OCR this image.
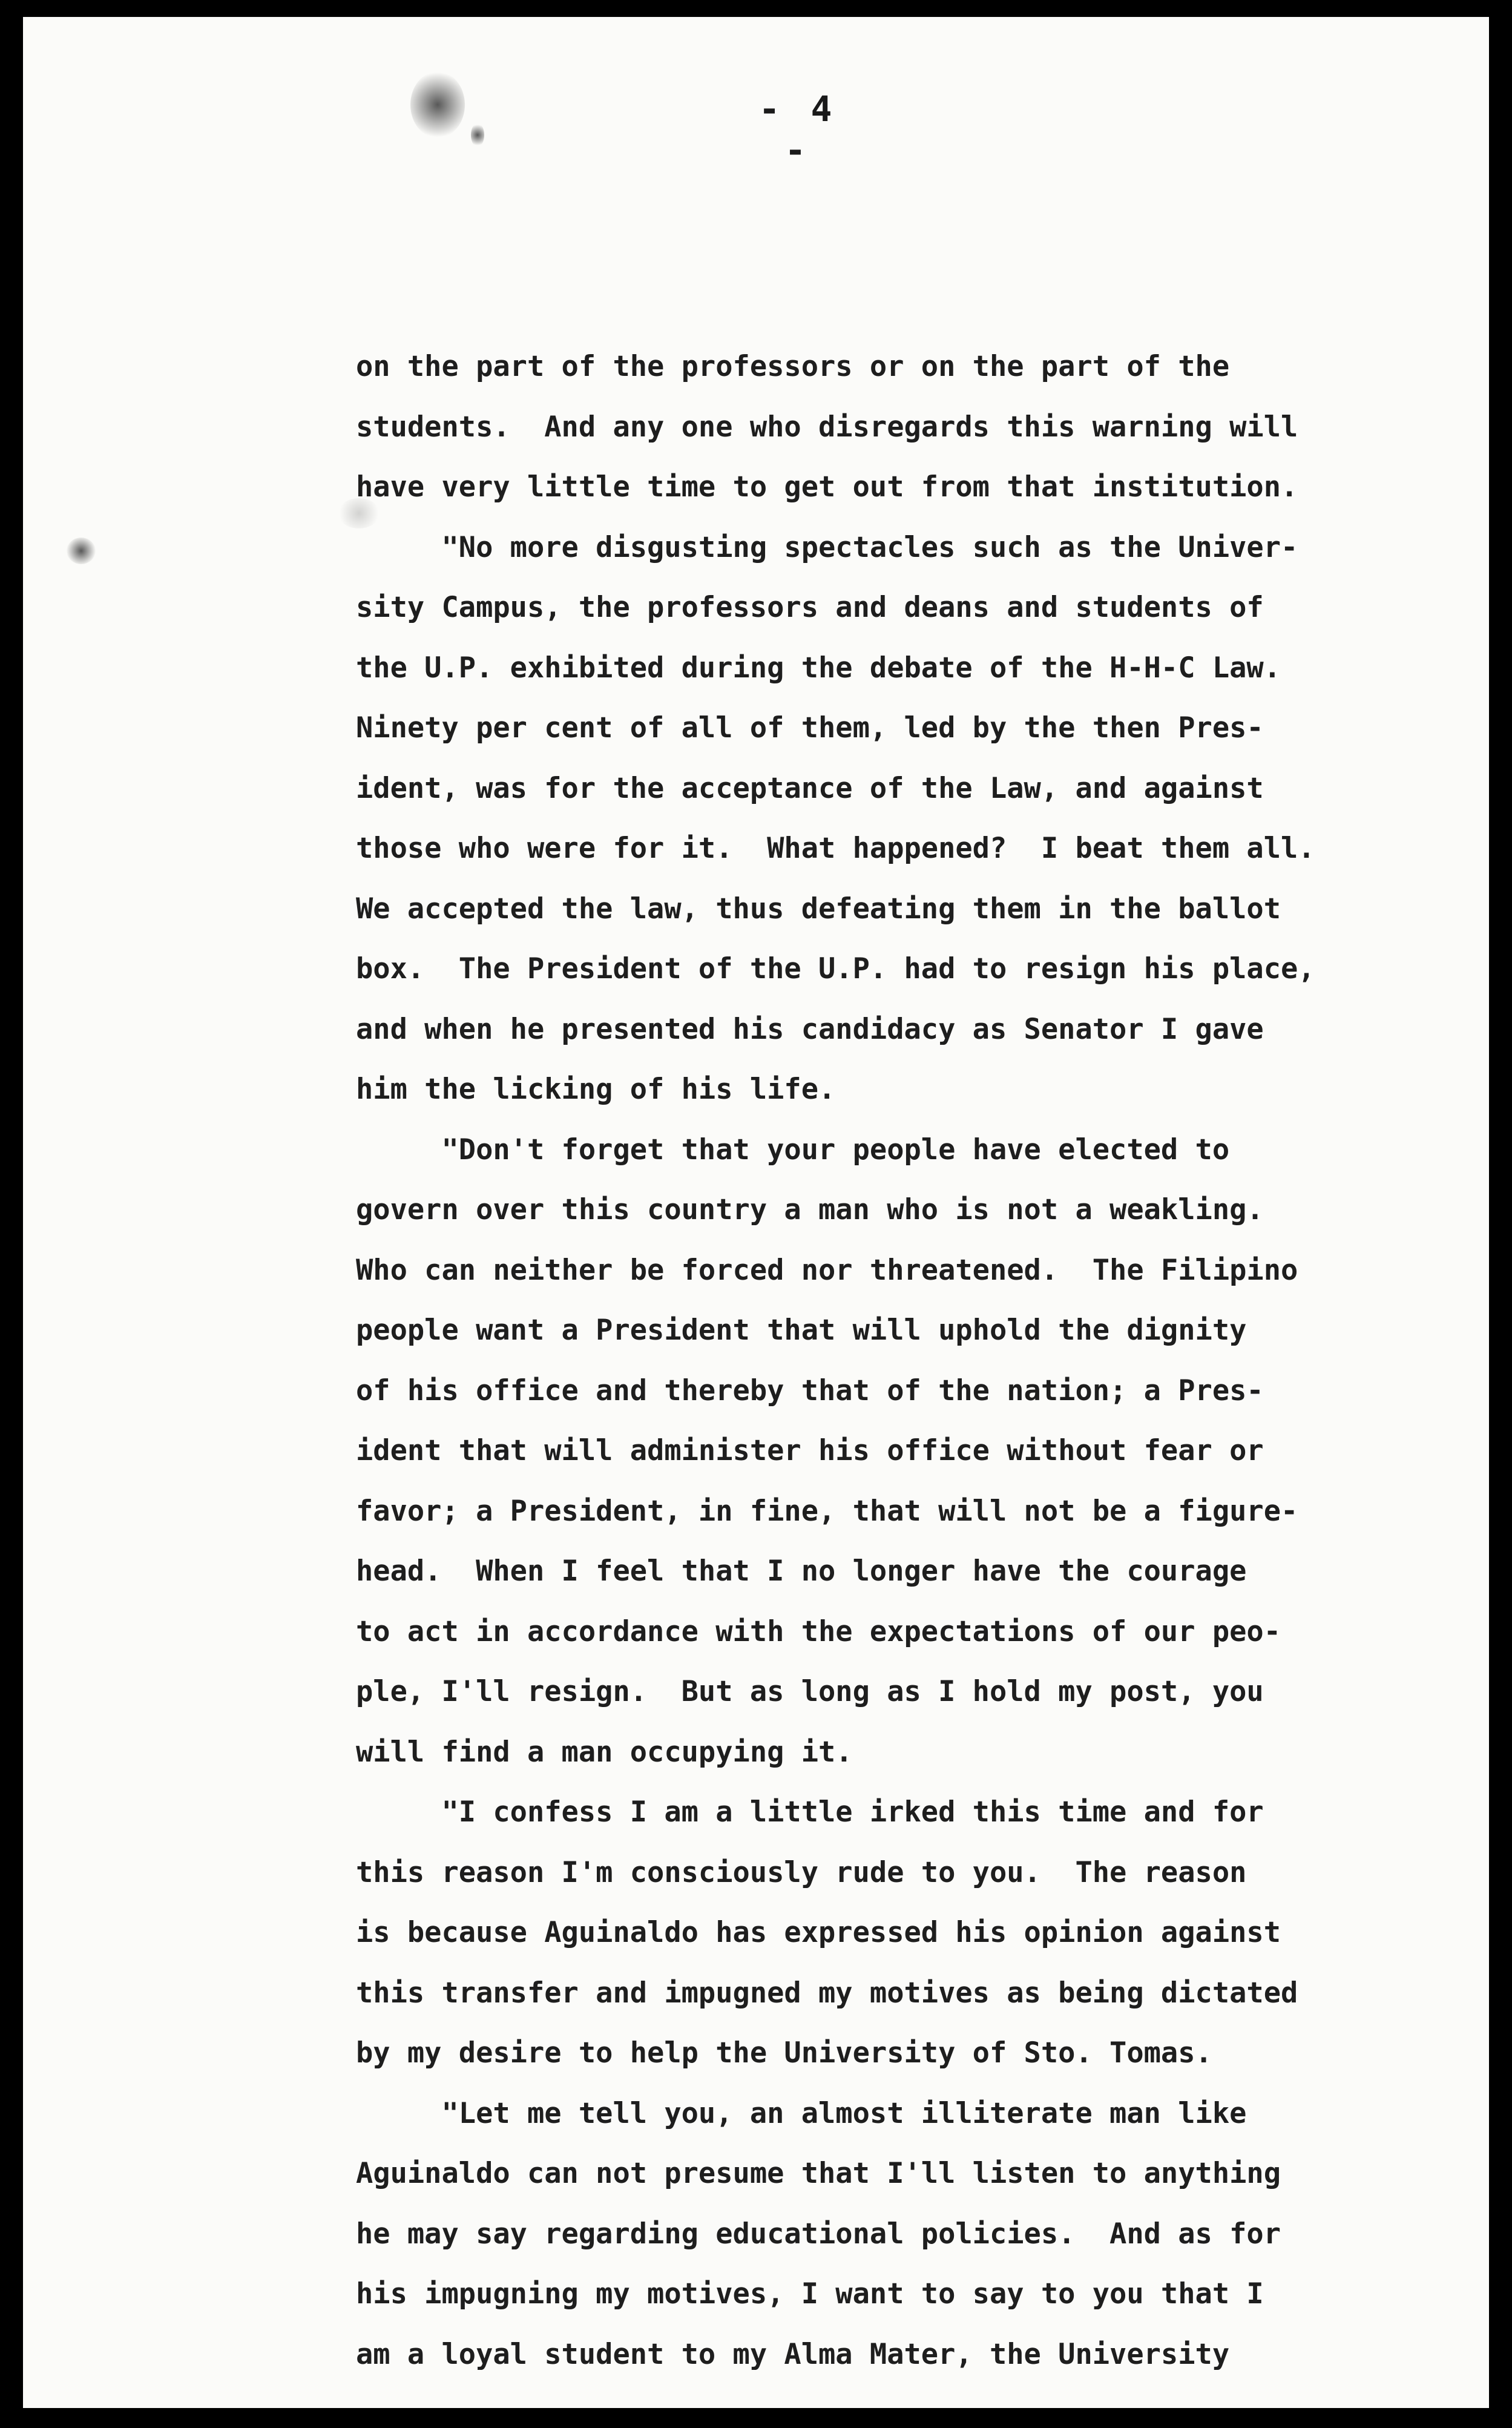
- 4 -
on the part of the professors or on the part of the
students.  And any one who disregards this warning will
have very little time to get out from that institution.
"No more disgusting spectacles such as the Univer-
sity Campus, the professors and deans and students of
the U.P. exhibited during the debate of the H-H-C Law.
Ninety per cent of all of them, led by the then Pres-
ident, was for the acceptance of the Law, and against
those who were for it.  What happened?  I beat them all.
We accepted the law, thus defeating them in the ballot
box.  The President of the U.P. had to resign his place,
and when he presented his candidacy as Senator I gave
him the licking of his life.
"Don't forget that your people have elected to
govern over this country a man who is not a weakling.
Who can neither be forced nor threatened.  The Filipino
people want a President that will uphold the dignity
of his office and thereby that of the nation; a Pres-
ident that will administer his office without fear or
favor; a President, in fine, that will not be a figure-
head.  When I feel that I no longer have the courage
to act in accordance with the expectations of our peo-
ple, I'll resign.  But as long as I hold my post, you
will find a man occupying it.
"I confess I am a little irked this time and for
this reason I'm consciously rude to you.  The reason
is because Aguinaldo has expressed his opinion against
this transfer and impugned my motives as being dictated
by my desire to help the University of Sto. Tomas.
"Let me tell you, an almost illiterate man like
Aguinaldo can not presume that I'll listen to anything
he may say regarding educational policies.  And as for
his impugning my motives, I want to say to you that I
am a loyal student to my Alma Mater, the University
